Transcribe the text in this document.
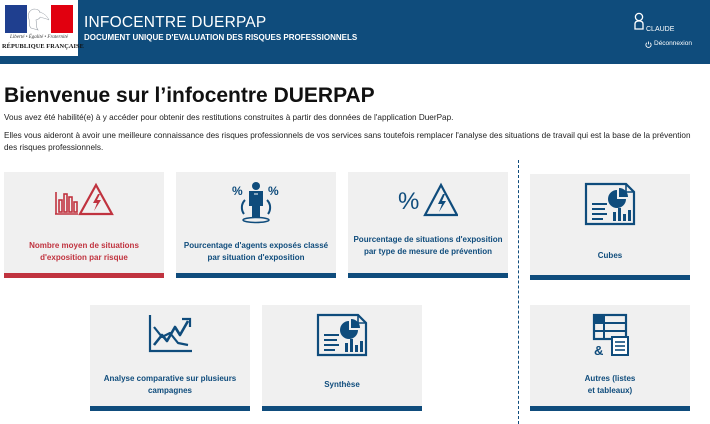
Liberté • Égalité • Fraternité
RÉPUBLIQUE FRANÇAISE
INFOCENTRE DUERPAP
DOCUMENT UNIQUE D'EVALUATION DES RISQUES PROFESSIONNELS
CLAUDE
Déconnexion
Bienvenue sur l’infocentre DUERPAP

Vous avez été habilité(e) à y accéder pour obtenir des restitutions construites à partir des données de l'application DuerPap.

Elles vous aideront à avoir une meilleure connaissance des risques professionnels de vos services sans toutefois remplacer l'analyse des situations de travail qui est la base de la prévention des risques professionnels.

Nombre moyen de situations d'exposition par risque
% %
Pourcentage d'agents exposés classé par situation d'exposition
%
Pourcentage de situations d'exposition par type de mesure de prévention	Cubes
Analyse comparative sur plusieurs campagnes
Synthèse
&
Autres (listes et tableaux)
